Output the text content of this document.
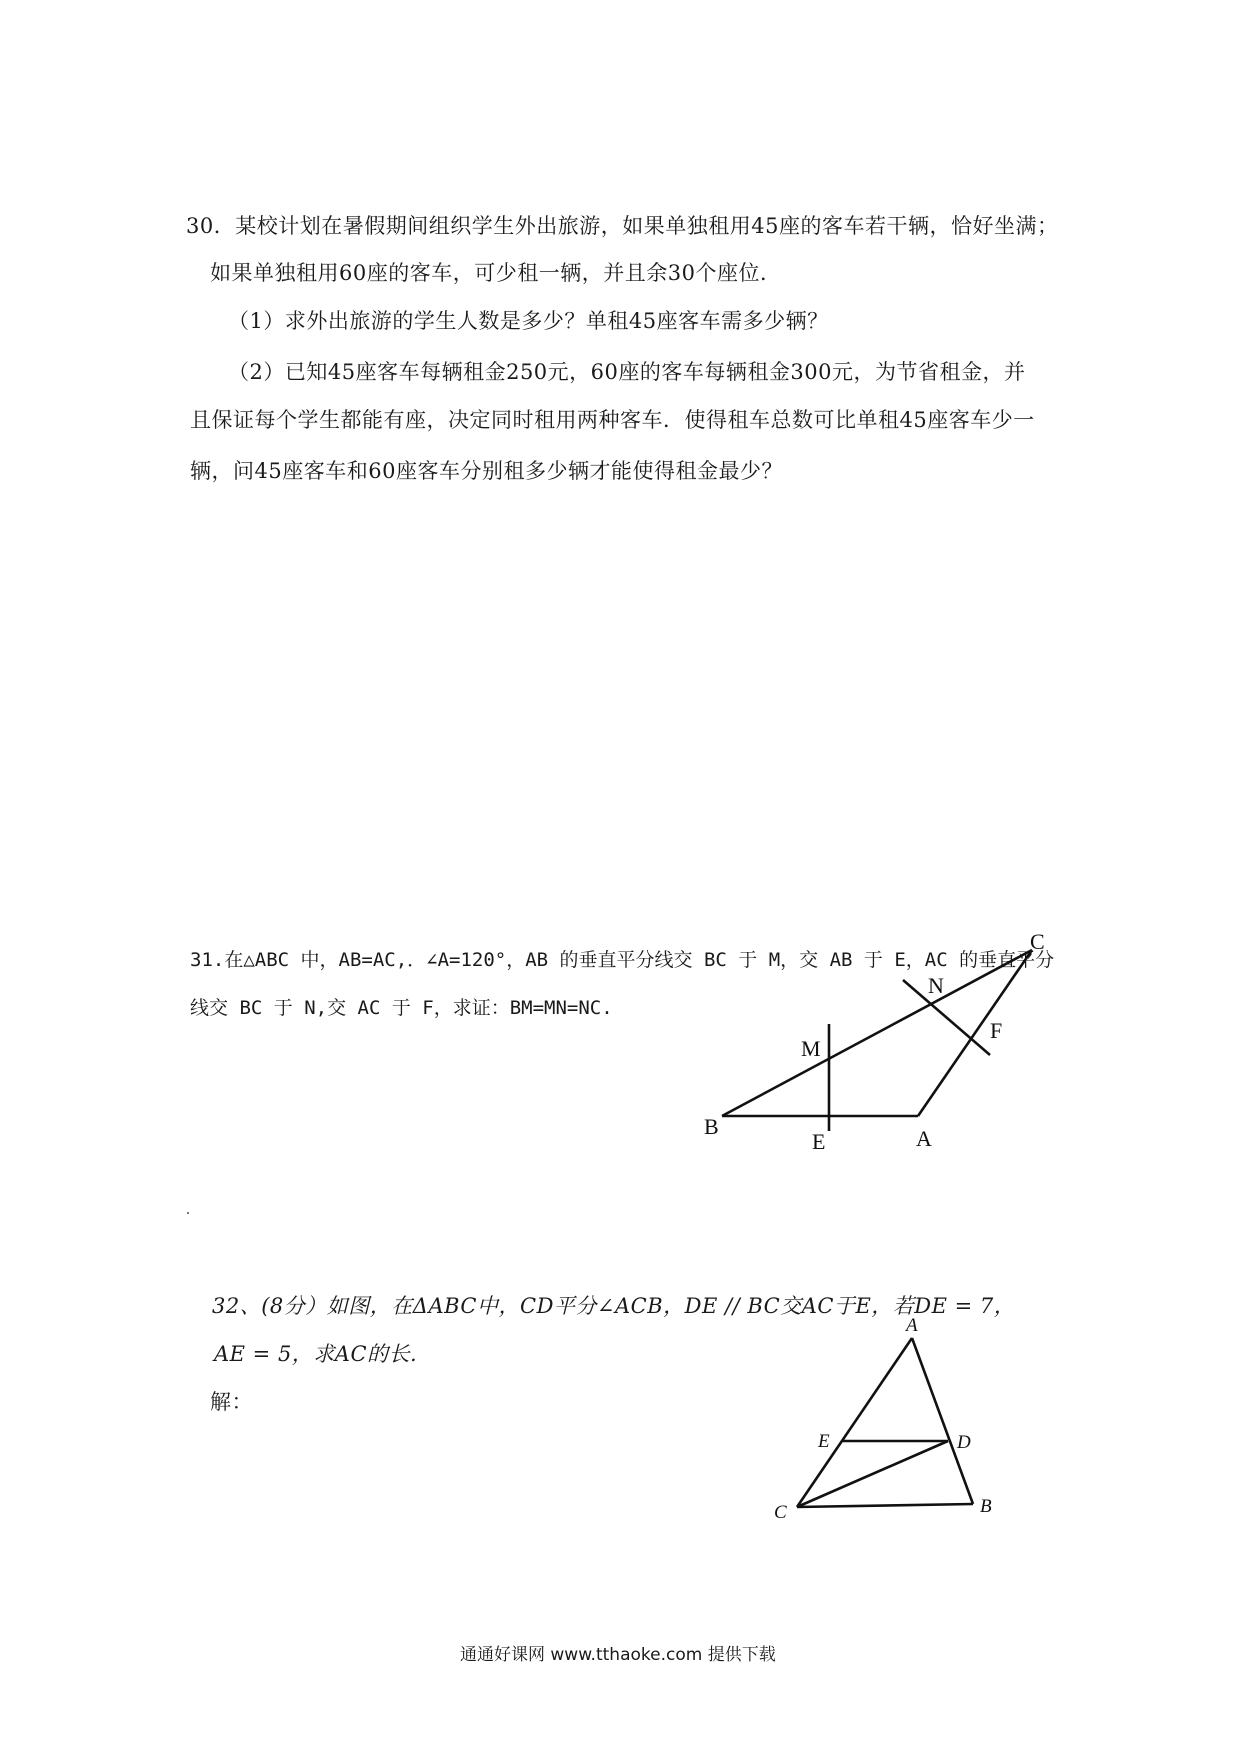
30．某校计划在暑假期间组织学生外出旅游，如果单独租用45座的客车若干辆，恰好坐满；
如果单独租用60座的客车，可少租一辆，并且余30个座位．
（1）求外出旅游的学生人数是多少？单租45座客车需多少辆？
（2）已知45座客车每辆租金250元，60座的客车每辆租金300元，为节省租金，并
且保证每个学生都能有座，决定同时租用两种客车．使得租车总数可比单租45座客车少一
辆，问45座客车和60座客车分别租多少辆才能使得租金最少？
31.在△ABC 中，AB=AC,．∠A=120°，AB 的垂直平分线交 BC 于 M，交 AB 于 E，AC 的垂直平分
线交 BC 于 N,交 AC 于 F，求证：BM=MN=NC.
B
E	A
M
N
F
C
A
E	D
C	B
32、(8分）如图，在ΔABC中，CD平分∠ACB，DE // BC交AC于E，若DE = 7，
AE = 5，求AC的长.
解：
通通好课网 www.tthaoke.com 提供下载
